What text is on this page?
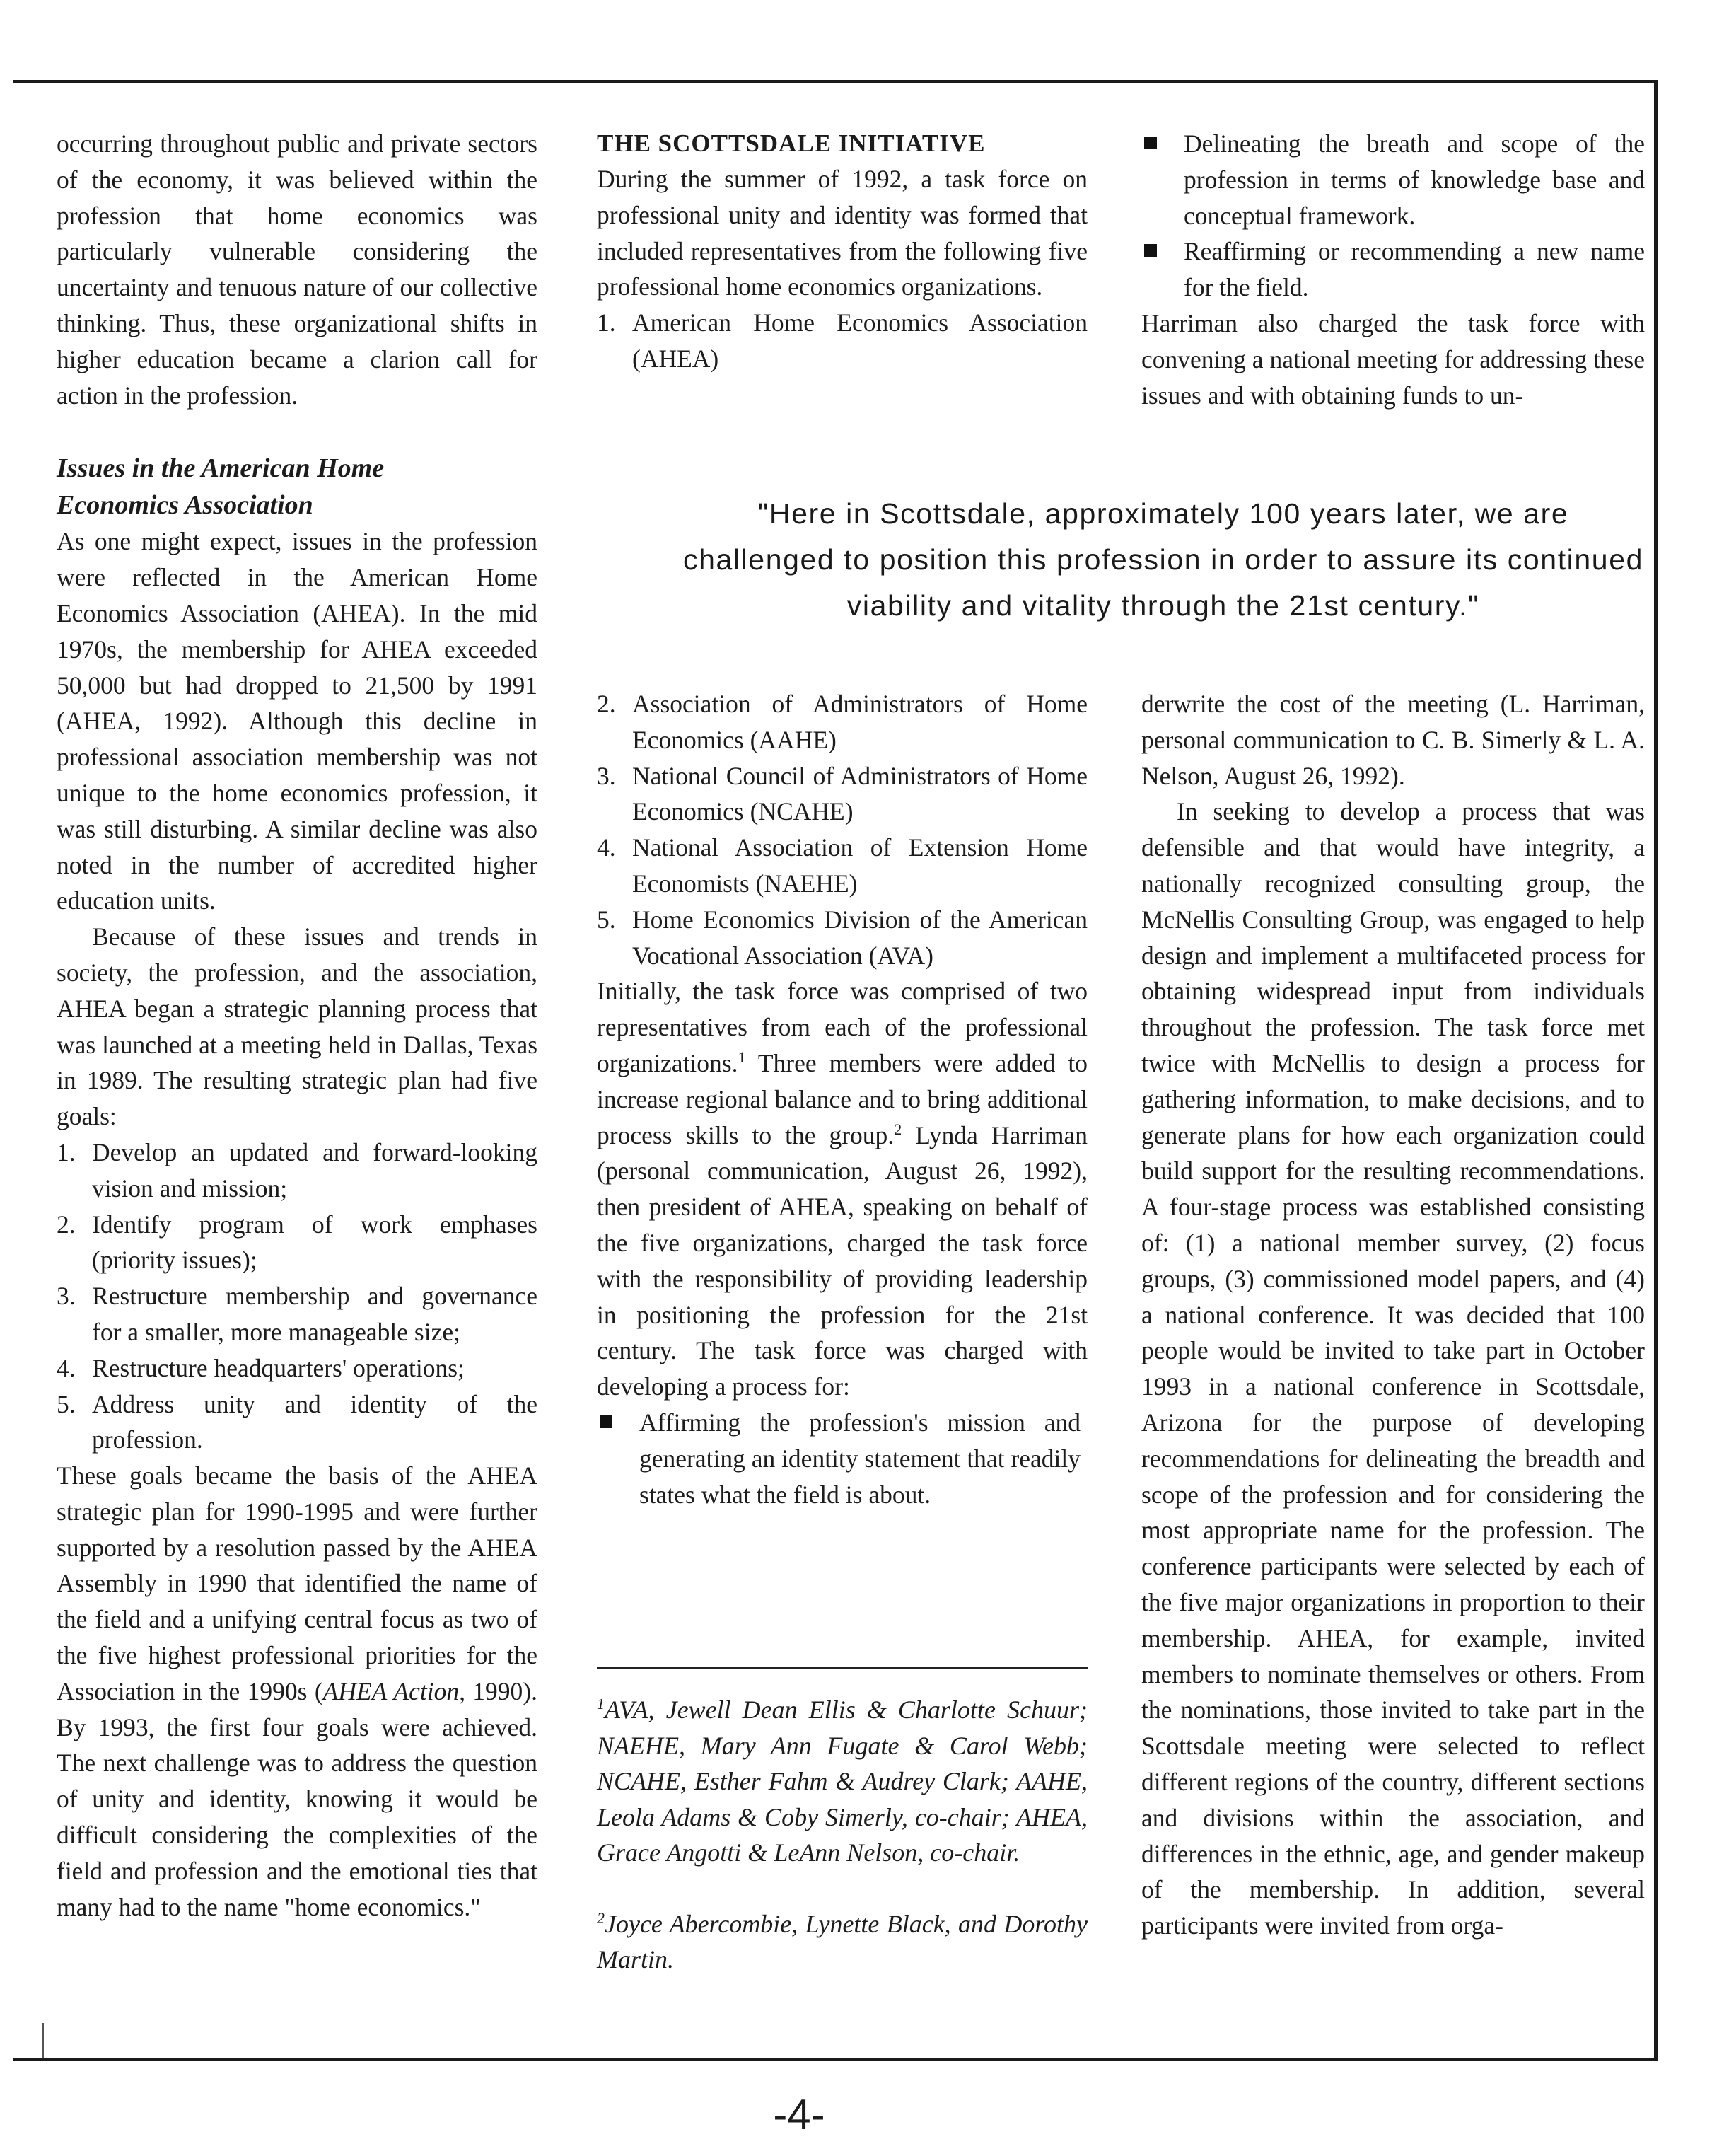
occurring throughout public and private sectors of the economy, it was believed within the profession that home economics was particularly vulnerable considering the uncertainty and tenuous nature of our collective thinking. Thus, these organizational shifts in higher education became a clarion call for action in the profession.

Issues in the American Home
Economics Association

As one might expect, issues in the profession were reflected in the American Home Economics Association (AHEA). In the mid 1970s, the membership for AHEA exceeded 50,000 but had dropped to 21,500 by 1991 (AHEA, 1992). Although this decline in professional association membership was not unique to the home economics profession, it was still disturbing. A similar decline was also noted in the number of accredited higher education units.

Because of these issues and trends in society, the profession, and the association, AHEA began a strategic planning process that was launched at a meeting held in Dallas, Texas in 1989. The resulting strategic plan had five goals:

1. Develop an updated and forward-looking vision and mission;
2. Identify program of work emphases (priority issues);
3. Restructure membership and governance for a smaller, more manageable size;
4. Restructure headquarters' operations;
5. Address unity and identity of the profession.

These goals became the basis of the AHEA strategic plan for 1990-1995 and were further supported by a resolution passed by the AHEA Assembly in 1990 that identified the name of the field and a unifying central focus as two of the five highest professional priorities for the Association in the 1990s (AHEA Action, 1990). By 1993, the first four goals were achieved. The next challenge was to address the question of unity and identity, knowing it would be difficult considering the complexities of the field and profession and the emotional ties that many had to the name "home economics."

THE SCOTTSDALE INITIATIVE

During the summer of 1992, a task force on professional unity and identity was formed that included representatives from the following five professional home economics organizations.

1. American Home Economics Association (AHEA)
Delineating the breath and scope of the profession in terms of knowledge base and conceptual framework.
Reaffirming or recommending a new name for the field.

Harriman also charged the task force with convening a national meeting for addressing these issues and with obtaining funds to un-

"Here in Scottsdale, approximately 100 years later, we are challenged to position this profession in order to assure its continued viability and vitality through the 21st century."
2. Association of Administrators of Home Economics (AAHE)
3. National Council of Administrators of Home Economics (NCAHE)
4. National Association of Extension Home Economists (NAEHE)
5. Home Economics Division of the American Vocational Association (AVA)

Initially, the task force was comprised of two representatives from each of the professional organizations.$^1$ Three members were added to increase regional balance and to bring additional process skills to the group.$^2$ Lynda Harriman (personal communication, August 26, 1992), then president of AHEA, speaking on behalf of the five organizations, charged the task force with the responsibility of providing leadership in positioning the profession for the 21st century. The task force was charged with developing a process for:

Affirming the profession's mission and generating an identity statement that readily states what the field is about.

$^1$AVA, Jewell Dean Ellis & Charlotte Schuur; NAEHE, Mary Ann Fugate & Carol Webb; NCAHE, Esther Fahm & Audrey Clark; AAHE, Leola Adams & Coby Simerly, co-chair; AHEA, Grace Angotti & LeAnn Nelson, co-chair.

$^2$Joyce Abercombie, Lynette Black, and Dorothy Martin.

derwrite the cost of the meeting (L. Harriman, personal communication to C. B. Simerly & L. A. Nelson, August 26, 1992).

In seeking to develop a process that was defensible and that would have integrity, a nationally recognized consulting group, the McNellis Consulting Group, was engaged to help design and implement a multifaceted process for obtaining widespread input from individuals throughout the profession. The task force met twice with McNellis to design a process for gathering information, to make decisions, and to generate plans for how each organization could build support for the resulting recommendations. A four-stage process was established consisting of: (1) a national member survey, (2) focus groups, (3) commissioned model papers, and (4) a national conference. It was decided that 100 people would be invited to take part in October 1993 in a national conference in Scottsdale, Arizona for the purpose of developing recommendations for delineating the breadth and scope of the profession and for considering the most appropriate name for the profession. The conference participants were selected by each of the five major organizations in proportion to their membership. AHEA, for example, invited members to nominate themselves or others. From the nominations, those invited to take part in the Scottsdale meeting were selected to reflect different regions of the country, different sections and divisions within the association, and differences in the ethnic, age, and gender makeup of the membership. In addition, several participants were invited from orga-

-4-
